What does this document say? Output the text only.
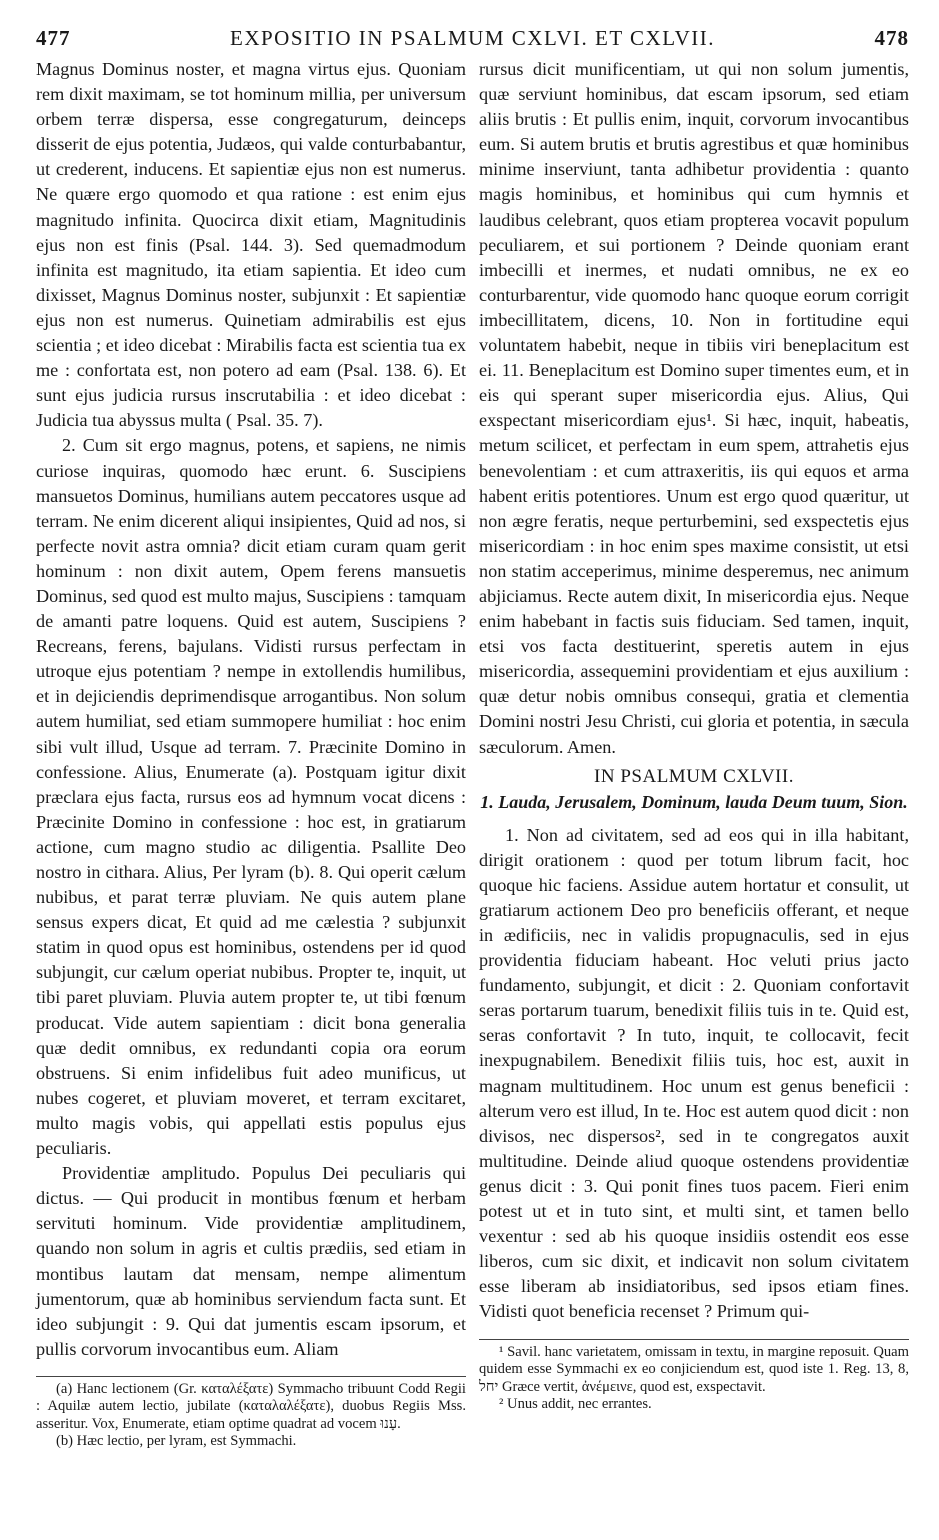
477	EXPOSITIO IN PSALMUM CXLVI. ET CXLVII.	478

Magnus Dominus noster, et magna virtus ejus. Quoniam rem dixit maximam, se tot hominum millia, per universum orbem terræ dispersa, esse congregaturum, deinceps disserit de ejus potentia, Judæos, qui valde conturbabantur, ut crederent, inducens. Et sapientiæ ejus non est numerus. Ne quære ergo quomodo et qua ratione : est enim ejus magnitudo infinita. Quocirca dixit etiam, Magnitudinis ejus non est finis (Psal. 144. 3). Sed quemadmodum infinita est magnitudo, ita etiam sapientia. Et ideo cum dixisset, Magnus Dominus noster, subjunxit : Et sapientiæ ejus non est numerus. Quinetiam admirabilis est ejus scientia ; et ideo dicebat : Mirabilis facta est scientia tua ex me : confortata est, non potero ad eam (Psal. 138. 6). Et sunt ejus judicia rursus inscrutabilia : et ideo dicebat : Judicia tua abyssus multa ( Psal. 35. 7).

2. Cum sit ergo magnus, potens, et sapiens, ne nimis curiose inquiras, quomodo hæc erunt. 6. Suscipiens mansuetos Dominus, humilians autem peccatores usque ad terram. Ne enim dicerent aliqui insipientes, Quid ad nos, si perfecte novit astra omnia? dicit etiam curam quam gerit hominum : non dixit autem, Opem ferens mansuetis Dominus, sed quod est multo majus, Suscipiens : tamquam de amanti patre loquens. Quid est autem, Suscipiens ? Recreans, ferens, bajulans. Vidisti rursus perfectam in utroque ejus potentiam ? nempe in extollendis humilibus, et in dejiciendis deprimendisque arrogantibus. Non solum autem humiliat, sed etiam summopere humiliat : hoc enim sibi vult illud, Usque ad terram. 7. Præcinite Domino in confessione. Alius, Enumerate (a). Postquam igitur dixit præclara ejus facta, rursus eos ad hymnum vocat dicens : Præcinite Domino in confessione : hoc est, in gratiarum actione, cum magno studio ac diligentia. Psallite Deo nostro in cithara. Alius, Per lyram (b). 8. Qui operit cælum nubibus, et parat terræ pluviam. Ne quis autem plane sensus expers dicat, Et quid ad me cælestia ? subjunxit statim in quod opus est hominibus, ostendens per id quod subjungit, cur cælum operiat nubibus. Propter te, inquit, ut tibi paret pluviam. Pluvia autem propter te, ut tibi fœnum producat. Vide autem sapientiam : dicit bona generalia quæ dedit omnibus, ex redundanti copia ora eorum obstruens. Si enim infidelibus fuit adeo munificus, ut nubes cogeret, et pluviam moveret, et terram excitaret, multo magis vobis, qui appellati estis populus ejus peculiaris.

Providentiæ amplitudo. Populus Dei peculiaris qui dictus. — Qui producit in montibus fœnum et herbam servituti hominum. Vide providentiæ amplitudinem, quando non solum in agris et cultis prædiis, sed etiam in montibus lautam dat mensam, nempe alimentum jumentorum, quæ ab hominibus serviendum facta sunt. Et ideo subjungit : 9. Qui dat jumentis escam ipsorum, et pullis corvorum invocantibus eum. Aliam

(a) Hanc lectionem (Gr. καταλέξατε) Symmacho tribuunt Codd Regii : Aquilæ autem lectio, jubilate (καταλαλέξατε), duobus Regiis Mss. asseritur. Vox, Enumerate, etiam optime quadrat ad vocem עָנוּ.

(b) Hæc lectio, per lyram, est Symmachi.

rursus dicit munificentiam, ut qui non solum jumentis, quæ serviunt hominibus, dat escam ipsorum, sed etiam aliis brutis : Et pullis enim, inquit, corvorum invocantibus eum. Si autem brutis et brutis agrestibus et quæ hominibus minime inserviunt, tanta adhibetur providentia : quanto magis hominibus, et hominibus qui cum hymnis et laudibus celebrant, quos etiam propterea vocavit populum peculiarem, et sui portionem ? Deinde quoniam erant imbecilli et inermes, et nudati omnibus, ne ex eo conturbarentur, vide quomodo hanc quoque eorum corrigit imbecillitatem, dicens, 10. Non in fortitudine equi voluntatem habebit, neque in tibiis viri beneplacitum est ei. 11. Beneplacitum est Domino super timentes eum, et in eis qui sperant super misericordia ejus. Alius, Qui exspectant misericordiam ejus¹. Si hæc, inquit, habeatis, metum scilicet, et perfectam in eum spem, attrahetis ejus benevolentiam : et cum attraxeritis, iis qui equos et arma habent eritis potentiores. Unum est ergo quod quæritur, ut non ægre feratis, neque perturbemini, sed exspectetis ejus misericordiam : in hoc enim spes maxime consistit, ut etsi non statim acceperimus, minime desperemus, nec animum abjiciamus. Recte autem dixit, In misericordia ejus. Neque enim habebant in factis suis fiduciam. Sed tamen, inquit, etsi vos facta destituerint, speretis autem in ejus misericordia, assequemini providentiam et ejus auxilium : quæ detur nobis omnibus consequi, gratia et clementia Domini nostri Jesu Christi, cui gloria et potentia, in sæcula sæculorum. Amen.

IN PSALMUM CXLVII.
1. Lauda, Jerusalem, Dominum, lauda Deum tuum, Sion.

1. Non ad civitatem, sed ad eos qui in illa habitant, dirigit orationem : quod per totum librum facit, hoc quoque hic faciens. Assidue autem hortatur et consulit, ut gratiarum actionem Deo pro beneficiis offerant, et neque in ædificiis, nec in validis propugnaculis, sed in ejus providentia fiduciam habeant. Hoc veluti prius jacto fundamento, subjungit, et dicit : 2. Quoniam confortavit seras portarum tuarum, benedixit filiis tuis in te. Quid est, seras confortavit ? In tuto, inquit, te collocavit, fecit inexpugnabilem. Benedixit filiis tuis, hoc est, auxit in magnam multitudinem. Hoc unum est genus beneficii : alterum vero est illud, In te. Hoc est autem quod dicit : non divisos, nec dispersos², sed in te congregatos auxit multitudine. Deinde aliud quoque ostendens providentiæ genus dicit : 3. Qui ponit fines tuos pacem. Fieri enim potest ut et in tuto sint, et multi sint, et tamen bello vexentur : sed ab his quoque insidiis ostendit eos esse liberos, cum sic dixit, et indicavit non solum civitatem esse liberam ab insidiatoribus, sed ipsos etiam fines. Vidisti quot beneficia recenset ? Primum qui-

¹ Savil. hanc varietatem, omissam in textu, in margine reposuit. Quam quidem esse Symmachi ex eo conjiciendum est, quod iste 1. Reg. 13, 8, יחל Græce vertit, ἀνέμεινε, quod est, exspectavit.

² Unus addit, nec errantes.
